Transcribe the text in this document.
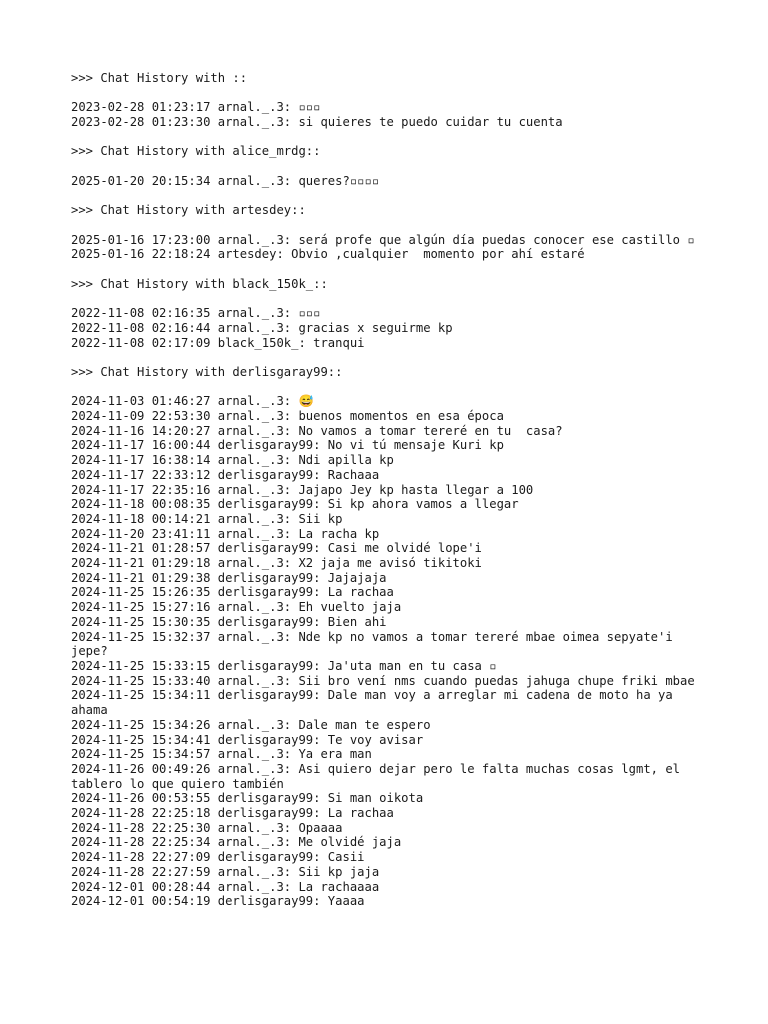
>>> Chat History with ::
2023-02-28 01:23:17 arnal._.3: ▫▫▫
2023-02-28 01:23:30 arnal._.3: si quieres te puedo cuidar tu cuenta
>>> Chat History with alice_mrdg::
2025-01-20 20:15:34 arnal._.3: queres?▫▫▫▫
>>> Chat History with artesdey::
2025-01-16 17:23:00 arnal._.3: será profe que algún día puedas conocer ese castillo ▫
2025-01-16 22:18:24 artesdey: Obvio ,cualquier  momento por ahí estaré
>>> Chat History with black_150k_::
2022-11-08 02:16:35 arnal._.3: ▫▫▫
2022-11-08 02:16:44 arnal._.3: gracias x seguirme kp
2022-11-08 02:17:09 black_150k_: tranqui
>>> Chat History with derlisgaray99::
2024-11-03 01:46:27 arnal._.3: 😅
2024-11-09 22:53:30 arnal._.3: buenos momentos en esa época
2024-11-16 14:20:27 arnal._.3: No vamos a tomar tereré en tu  casa?
2024-11-17 16:00:44 derlisgaray99: No vi tú mensaje Kuri kp
2024-11-17 16:38:14 arnal._.3: Ndi apilla kp
2024-11-17 22:33:12 derlisgaray99: Rachaaa
2024-11-17 22:35:16 arnal._.3: Jajapo Jey kp hasta llegar a 100
2024-11-18 00:08:35 derlisgaray99: Si kp ahora vamos a llegar
2024-11-18 00:14:21 arnal._.3: Sii kp
2024-11-20 23:41:11 arnal._.3: La racha kp
2024-11-21 01:28:57 derlisgaray99: Casi me olvidé lope'i
2024-11-21 01:29:18 arnal._.3: X2 jaja me avisó tikitoki
2024-11-21 01:29:38 derlisgaray99: Jajajaja
2024-11-25 15:26:35 derlisgaray99: La rachaa
2024-11-25 15:27:16 arnal._.3: Eh vuelto jaja
2024-11-25 15:30:35 derlisgaray99: Bien ahi
2024-11-25 15:32:37 arnal._.3: Nde kp no vamos a tomar tereré mbae oimea sepyate'i jepe?
2024-11-25 15:33:15 derlisgaray99: Ja'uta man en tu casa ▫
2024-11-25 15:33:40 arnal._.3: Sii bro vení nms cuando puedas jahuga chupe friki mbae
2024-11-25 15:34:11 derlisgaray99: Dale man voy a arreglar mi cadena de moto ha ya ahama
2024-11-25 15:34:26 arnal._.3: Dale man te espero
2024-11-25 15:34:41 derlisgaray99: Te voy avisar
2024-11-25 15:34:57 arnal._.3: Ya era man
2024-11-26 00:49:26 arnal._.3: Asi quiero dejar pero le falta muchas cosas lgmt, el tablero lo que quiero también
2024-11-26 00:53:55 derlisgaray99: Si man oikota
2024-11-28 22:25:18 derlisgaray99: La rachaa
2024-11-28 22:25:30 arnal._.3: Opaaaa
2024-11-28 22:25:34 arnal._.3: Me olvidé jaja
2024-11-28 22:27:09 derlisgaray99: Casii
2024-11-28 22:27:59 arnal._.3: Sii kp jaja
2024-12-01 00:28:44 arnal._.3: La rachaaaa
2024-12-01 00:54:19 derlisgaray99: Yaaaa
